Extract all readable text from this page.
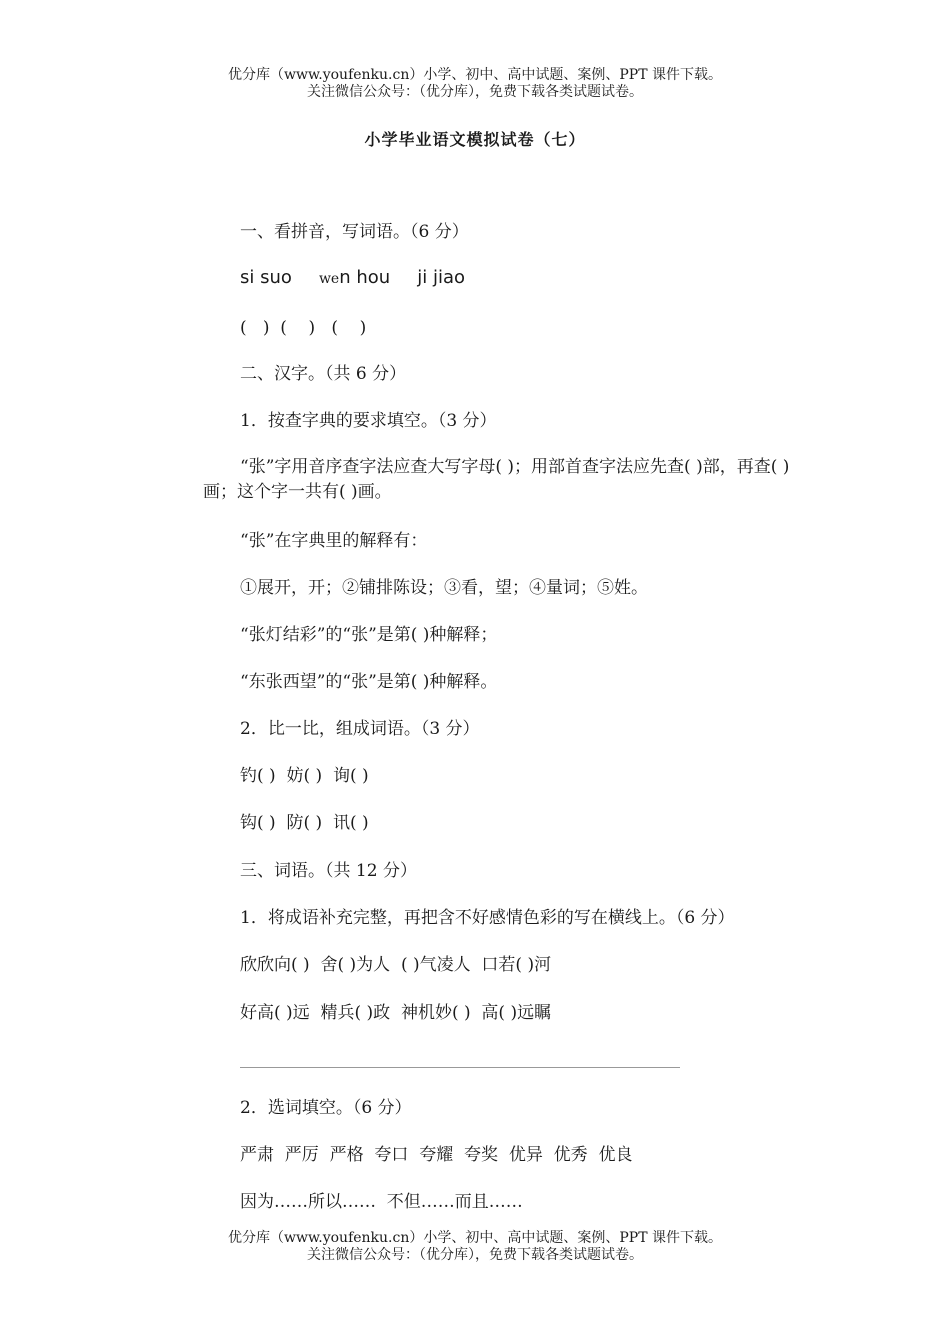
优分库（www.youfenku.cn）小学、初中、高中试题、案例、PPT 课件下载。
关注微信公众号：（优分库），免费下载各类试题试卷。
小学毕业语文模拟试卷（七）
一、看拼音，写词语。（6 分）
si suo wen hou ji jiao
(   )  (    )   (    )
二、汉字。（共 6 分）
1．按查字典的要求填空。（3 分）
“张”字用音序查字法应查大写字母( )；用部首查字法应先查( )部，再查( )画；这个字一共有( )画。
“张”在字典里的解释有：
①展开，开；②铺排陈设；③看，望；④量词；⑤姓。
“张灯结彩”的“张”是第( )种解释；
“东张西望”的“张”是第( )种解释。
2．比一比，组成词语。（3 分）
钓( )  妨( )  询( )
钩( )  防( )  讯( )
三、词语。（共 12 分）
1．将成语补充完整，再把含不好感情色彩的写在横线上。（6 分）
欣欣向( )  舍( )为人  ( )气凌人  口若( )河
好高( )远  精兵( )政  神机妙( )  高( )远瞩
2．选词填空。（6 分）
严肃  严厉  严格  夸口  夸耀  夸奖  优异  优秀  优良
因为……所以……  不但……而且……
优分库（www.youfenku.cn）小学、初中、高中试题、案例、PPT 课件下载。
关注微信公众号：（优分库），免费下载各类试题试卷。
